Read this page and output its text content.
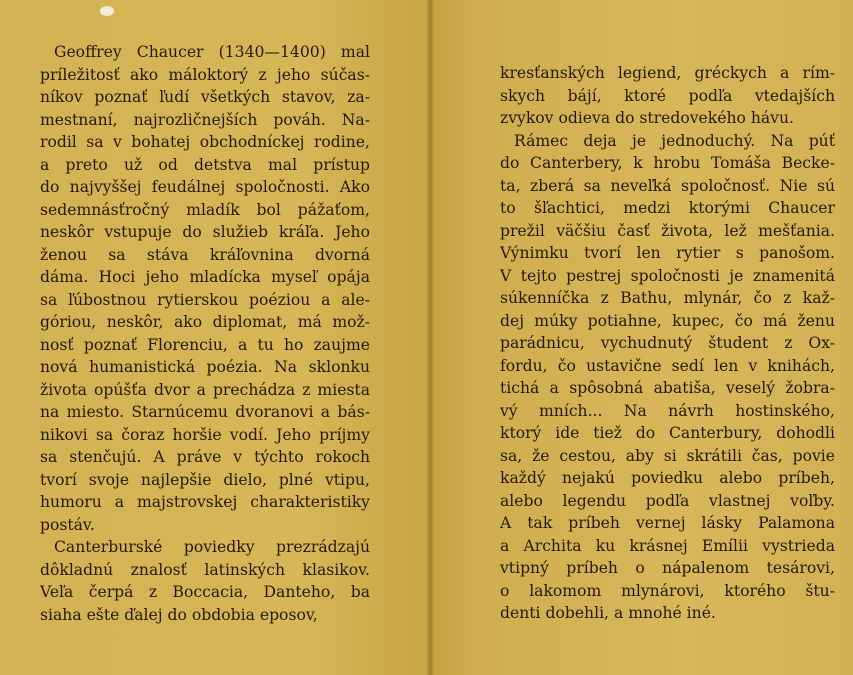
Geoffrey Chaucer (1340—1400) mal
príležitosť ako máloktorý z jeho súčas-
níkov poznať ľudí všetkých stavov, za-
mestnaní, najrozličnejších pováh. Na-
rodil sa v bohatej obchodníckej rodine,
a preto už od detstva mal prístup
do najvyššej feudálnej spoločnosti. Ako
sedemnásťročný mladík bol pážaťom,
neskôr vstupuje do služieb kráľa. Jeho
ženou sa stáva kráľovnina dvorná
dáma. Hoci jeho mladícka myseľ opája
sa ľúbostnou rytierskou poéziou a ale-
góriou, neskôr, ako diplomat, má mož-
nosť poznať Florenciu, a tu ho zaujme
nová humanistická poézia. Na sklonku
života opúšťa dvor a prechádza z miesta
na miesto. Starnúcemu dvoranovi a bás-
nikovi sa čoraz horšie vodí. Jeho príjmy
sa stenčujú. A práve v týchto rokoch
tvorí svoje najlepšie dielo, plné vtipu,
humoru a majstrovskej charakteristiky
postáv.
Canterburské poviedky prezrádzajú
dôkladnú znalosť latinských klasikov.
Veľa čerpá z Boccacia, Danteho, ba
siaha ešte ďalej do obdobia eposov,
kresťanských legiend, gréckych a rím-
skych bájí, ktoré podľa vtedajších
zvykov odieva do stredovekého hávu.
Rámec deja je jednoduchý. Na púť
do Canterbery, k hrobu Tomáša Becke-
ta, zberá sa neveľká spoločnosť. Nie sú
to šľachtici, medzi ktorými Chaucer
prežil väčšiu časť života, lež mešťania.
Výnimku tvorí len rytier s panošom.
V tejto pestrej spoločnosti je znamenitá
súkenníčka z Bathu, mlynár, čo z kaž-
dej múky potiahne, kupec, čo má ženu
parádnicu, vychudnutý študent z Ox-
fordu, čo ustavične sedí len v knihách,
tichá a spôsobná abatiša, veselý žobra-
vý mních... Na návrh hostinského,
ktorý ide tiež do Canterbury, dohodli
sa, že cestou, aby si skrátili čas, povie
každý nejakú poviedku alebo príbeh,
alebo legendu podľa vlastnej voľby.
A tak príbeh vernej lásky Palamona
a Archita ku krásnej Emílii vystrieda
vtipný príbeh o nápalenom tesárovi,
o lakomom mlynárovi, ktorého štu-
denti dobehli, a mnohé iné.
